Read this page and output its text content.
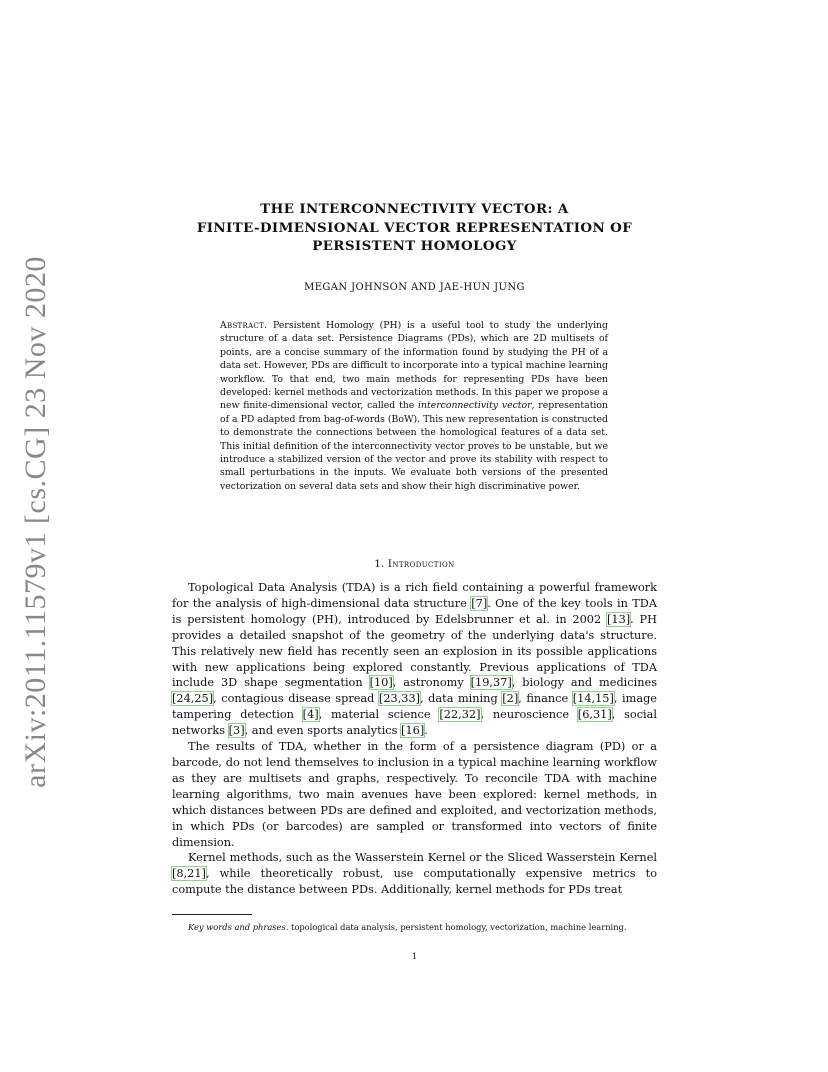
arXiv:2011.11579v1 [cs.CG] 23 Nov 2020
THE INTERCONNECTIVITY VECTOR: A
FINITE-DIMENSIONAL VECTOR REPRESENTATION OF
PERSISTENT HOMOLOGY
MEGAN JOHNSON AND JAE-HUN JUNG
Abstract. Persistent Homology (PH) is a useful tool to study the underlying structure of a data set. Persistence Diagrams (PDs), which are 2D multisets of points, are a concise summary of the information found by studying the PH of a data set. However, PDs are difficult to incorporate into a typical machine learning workflow. To that end, two main methods for representing PDs have been developed: kernel methods and vectorization methods. In this paper we propose a new finite-dimensional vector, called the interconnectivity vector, representation of a PD adapted from bag-of-words (BoW). This new representation is constructed to demonstrate the connections between the homological features of a data set. This initial definition of the interconnectivity vector proves to be unstable, but we introduce a stabilized version of the vector and prove its stability with respect to small perturbations in the inputs. We evaluate both versions of the presented vectorization on several data sets and show their high discriminative power.
1. Introduction

Topological Data Analysis (TDA) is a rich field containing a powerful framework for the analysis of high-dimensional data structure [7]. One of the key tools in TDA is persistent homology (PH), introduced by Edelsbrunner et al. in 2002 [13]. PH provides a detailed snapshot of the geometry of the underlying data's structure. This relatively new field has recently seen an explosion in its possible applications with new applications being explored constantly. Previous applications of TDA include 3D shape segmentation [10], astronomy [19,37], biology and medicines [24,25], contagious disease spread [23,33], data mining [2], finance [14,15], image tampering detection [4], material science [22,32], neuroscience [6,31], social networks [3], and even sports analytics [16].

The results of TDA, whether in the form of a persistence diagram (PD) or a barcode, do not lend themselves to inclusion in a typical machine learning workflow as they are multisets and graphs, respectively. To reconcile TDA with machine learning algorithms, two main avenues have been explored: kernel methods, in which distances between PDs are defined and exploited, and vectorization methods, in which PDs (or barcodes) are sampled or transformed into vectors of finite dimension.

Kernel methods, such as the Wasserstein Kernel or the Sliced Wasserstein Kernel [8,21], while theoretically robust, use computationally expensive metrics to compute the distance between PDs. Additionally, kernel methods for PDs treat

Key words and phrases. topological data analysis, persistent homology, vectorization, machine learning.
1
